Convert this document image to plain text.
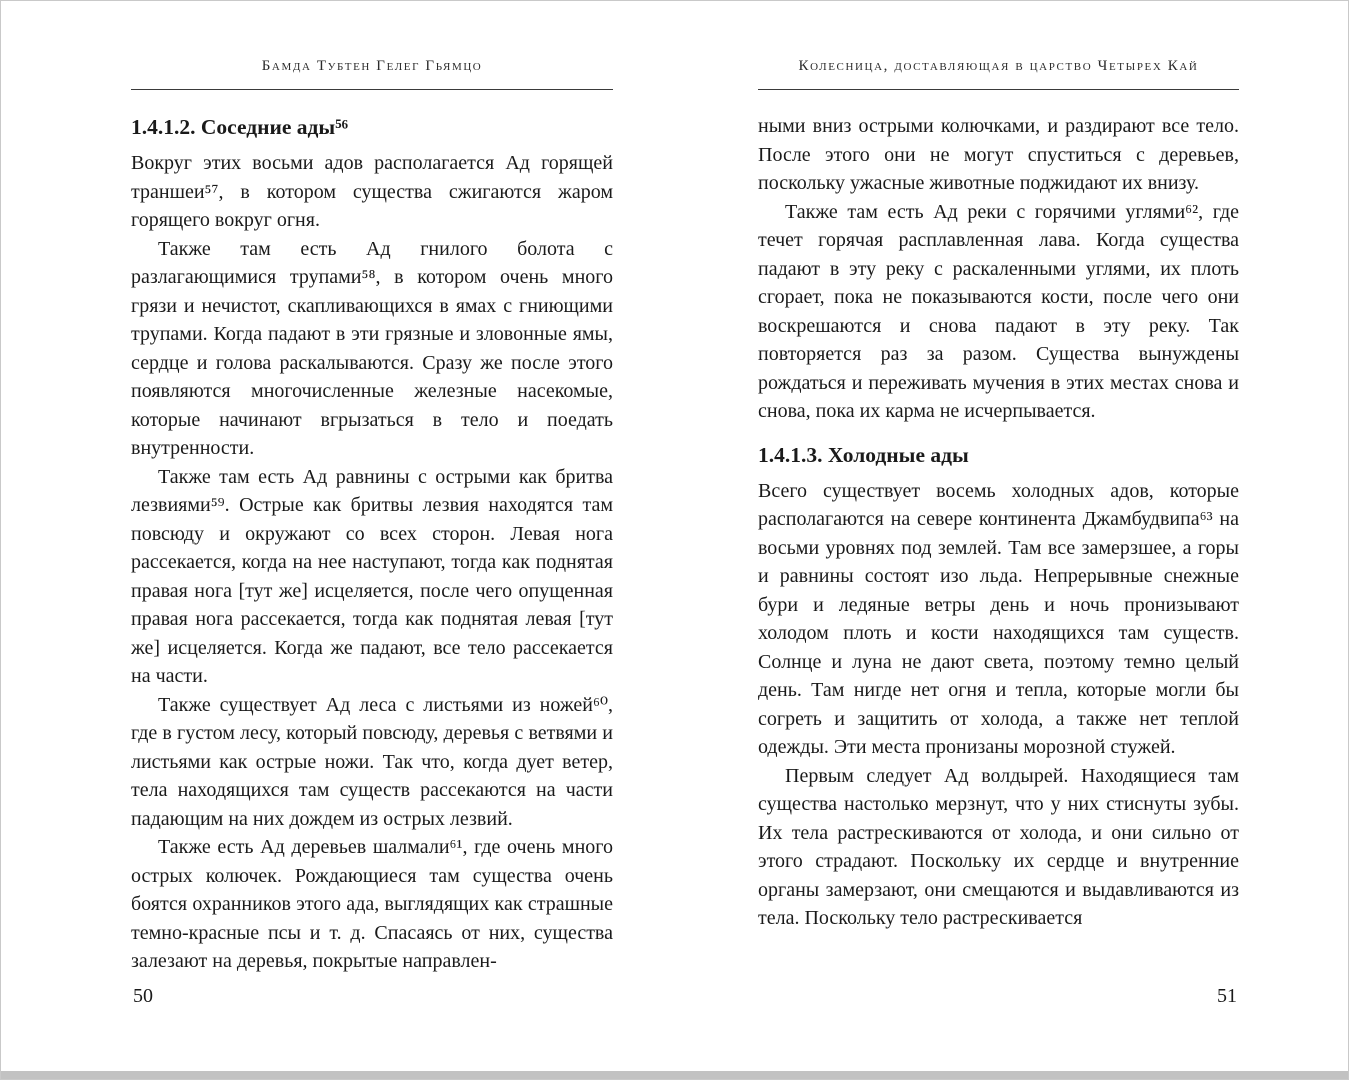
Бамда Тубтен Гелег Гьямцо
1.4.1.2. Соседние ады⁵⁶

Вокруг этих восьми адов располагается Ад горящей траншеи⁵⁷, в котором существа сжигаются жаром горящего вокруг огня.

Также там есть Ад гнилого болота с разлагающимися трупами⁵⁸, в котором очень много грязи и нечистот, скапливающихся в ямах с гниющими трупами. Когда падают в эти грязные и зловонные ямы, сердце и голова раскалываются. Сразу же после этого появляются многочисленные железные насекомые, которые начинают вгрызаться в тело и поедать внутренности.

Также там есть Ад равнины с острыми как бритва лезвиями⁵⁹. Острые как бритвы лезвия находятся там повсюду и окружают со всех сторон. Левая нога рассекается, когда на нее наступают, тогда как поднятая правая нога [тут же] исцеляется, после чего опущенная правая нога рассекается, тогда как поднятая левая [тут же] исцеляется. Когда же падают, все тело рассекается на части.

Также существует Ад леса с листьями из ножей⁶⁰, где в густом лесу, который повсюду, деревья с ветвями и листьями как острые ножи. Так что, когда дует ветер, тела находящихся там существ рассекаются на части падающим на них дождем из острых лезвий.

Также есть Ад деревьев шалмали⁶¹, где очень много острых колючек. Рождающиеся там существа очень боятся охранников этого ада, выглядящих как страшные темно-красные псы и т. д. Спасаясь от них, существа залезают на деревья, покрытые направлен-

50
Колесница, доставляющая в царство Четырех Кай

ными вниз острыми колючками, и раздирают все тело. После этого они не могут спуститься с деревьев, поскольку ужасные животные поджидают их внизу.

Также там есть Ад реки с горячими углями⁶², где течет горячая расплавленная лава. Когда существа падают в эту реку с раскаленными углями, их плоть сгорает, пока не показываются кости, после чего они воскрешаются и снова падают в эту реку. Так повторяется раз за разом. Существа вынуждены рождаться и переживать мучения в этих местах снова и снова, пока их карма не исчерпывается.

1.4.1.3. Холодные ады

Всего существует восемь холодных адов, которые располагаются на севере континента Джамбудвипа⁶³ на восьми уровнях под землей. Там все замерзшее, а горы и равнины состоят изо льда. Непрерывные снежные бури и ледяные ветры день и ночь пронизывают холодом плоть и кости находящихся там существ. Солнце и луна не дают света, поэтому темно целый день. Там нигде нет огня и тепла, которые могли бы согреть и защитить от холода, а также нет теплой одежды. Эти места пронизаны морозной стужей.

Первым следует Ад волдырей. Находящиеся там существа настолько мерзнут, что у них стиснуты зубы. Их тела растрескиваются от холода, и они сильно от этого страдают. Поскольку их сердце и внутренние органы замерзают, они смещаются и выдавливаются из тела. Поскольку тело растрескивается

51
